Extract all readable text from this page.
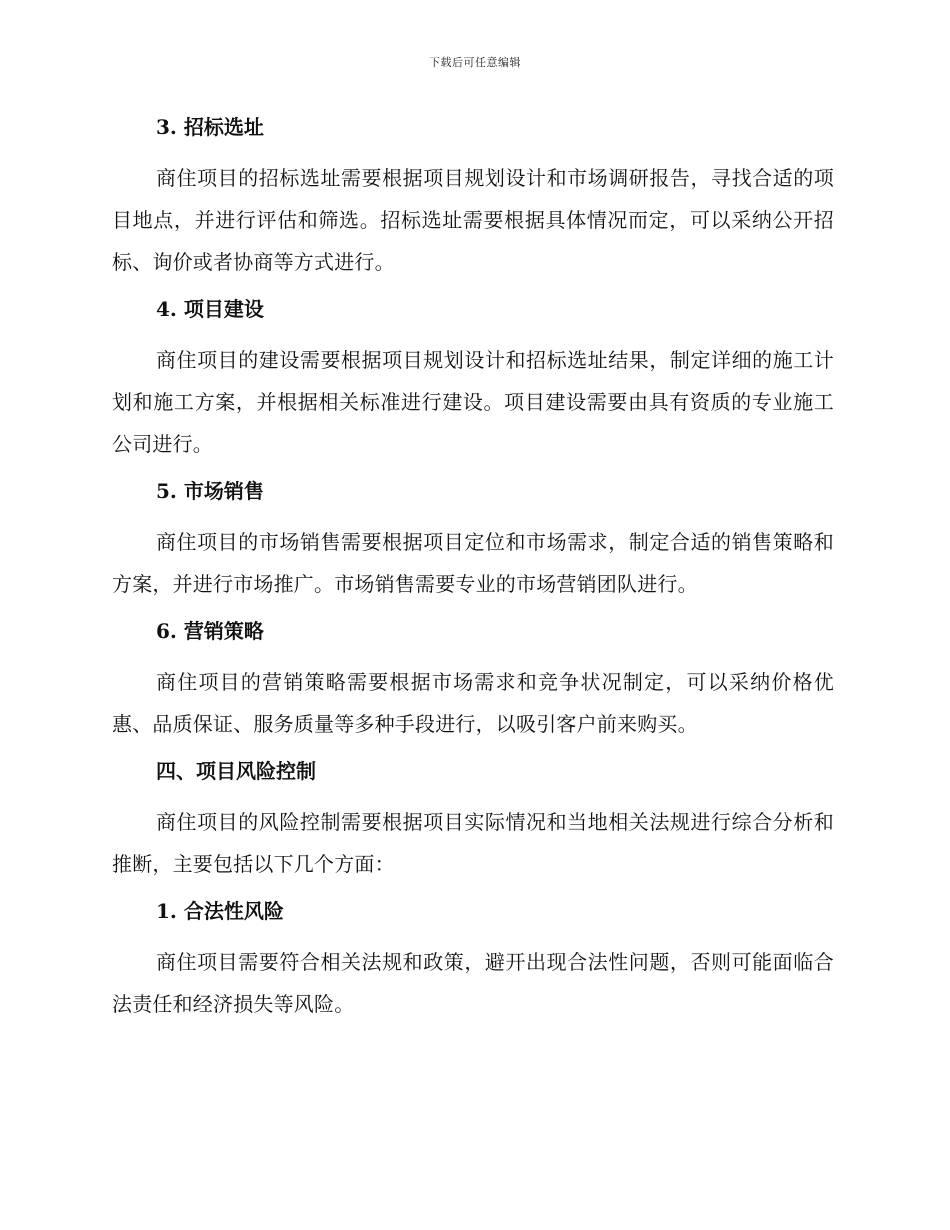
下载后可任意编辑
3. 招标选址

商住项目的招标选址需要根据项目规划设计和市场调研报告，寻找合适的项目地点，并进行评估和筛选。招标选址需要根据具体情况而定，可以采纳公开招标、询价或者协商等方式进行。

4. 项目建设

商住项目的建设需要根据项目规划设计和招标选址结果，制定详细的施工计划和施工方案，并根据相关标准进行建设。项目建设需要由具有资质的专业施工公司进行。

5. 市场销售

商住项目的市场销售需要根据项目定位和市场需求，制定合适的销售策略和方案，并进行市场推广。市场销售需要专业的市场营销团队进行。

6. 营销策略

商住项目的营销策略需要根据市场需求和竞争状况制定，可以采纳价格优惠、品质保证、服务质量等多种手段进行，以吸引客户前来购买。

四、项目风险控制

商住项目的风险控制需要根据项目实际情况和当地相关法规进行综合分析和推断，主要包括以下几个方面：

1. 合法性风险

商住项目需要符合相关法规和政策，避开出现合法性问题，否则可能面临合法责任和经济损失等风险。
